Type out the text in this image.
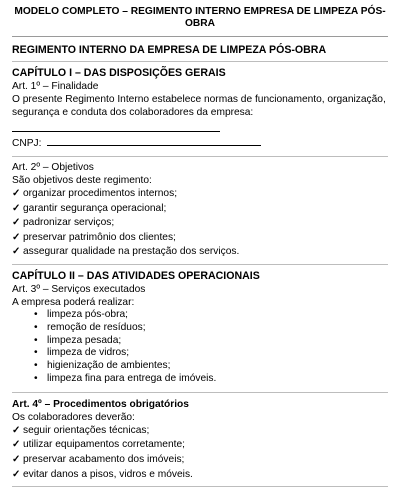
MODELO COMPLETO – REGIMENTO INTERNO EMPRESA DE LIMPEZA PÓS-
OBRA
REGIMENTO INTERNO DA EMPRESA DE LIMPEZA PÓS-OBRA
CAPÍTULO I – DAS DISPOSIÇÕES GERAIS
Art. 1º – Finalidade
O presente Regimento Interno estabelece normas de funcionamento, organização,
segurança e conduta dos colaboradores da empresa:
CNPJ:
Art. 2º – Objetivos
São objetivos deste regimento:
✓ organizar procedimentos internos;
✓ garantir segurança operacional;
✓ padronizar serviços;
✓ preservar patrimônio dos clientes;
✓ assegurar qualidade na prestação dos serviços.
CAPÍTULO II – DAS ATIVIDADES OPERACIONAIS
Art. 3º – Serviços executados
A empresa poderá realizar:
• limpeza pós-obra;
• remoção de resíduos;
• limpeza pesada;
• limpeza de vidros;
• higienização de ambientes;
• limpeza fina para entrega de imóveis.
Art. 4º – Procedimentos obrigatórios
Os colaboradores deverão:
✓ seguir orientações técnicas;
✓ utilizar equipamentos corretamente;
✓ preservar acabamento dos imóveis;
✓ evitar danos a pisos, vidros e móveis.
